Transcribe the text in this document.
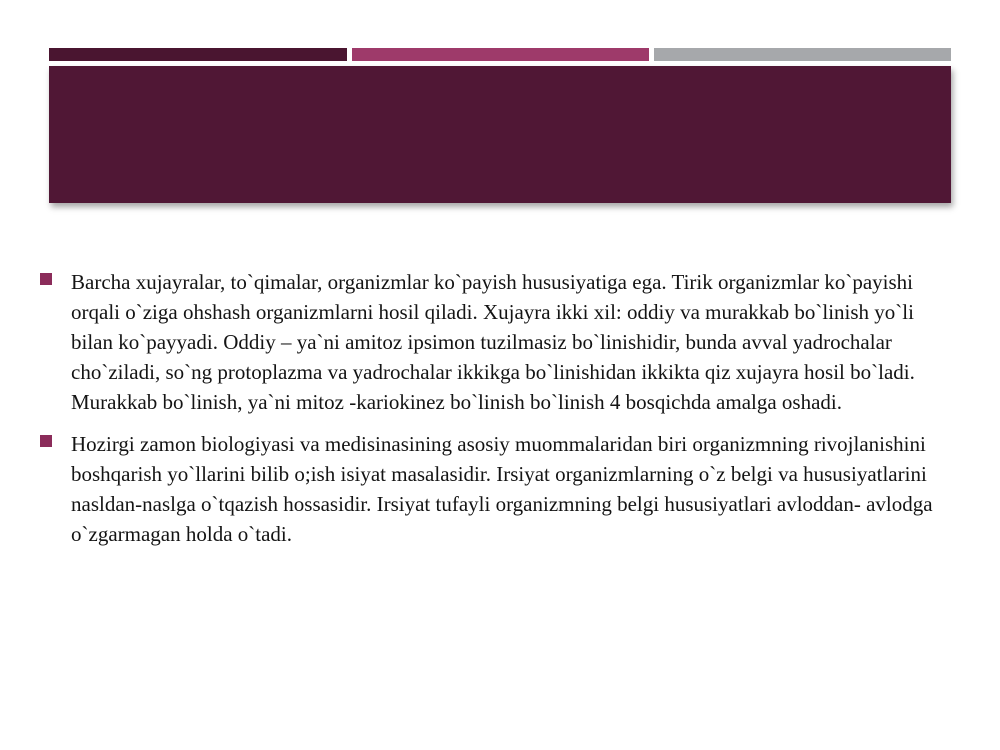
Barcha xujayralar, to`qimalar, organizmlar ko`payish hususiyatiga ega. Tirik organizmlar ko`payishi orqali o`ziga ohshash organizmlarni hosil qiladi. Xujayra ikki xil: oddiy va murakkab bo`linish yo`li bilan ko`payyadi. Oddiy – ya`ni amitoz ipsimon tuzilmasiz bo`linishidir, bunda avval yadrochalar cho`ziladi, so`ng protoplazma va yadrochalar ikkikga bo`linishidan ikkikta qiz xujayra hosil bo`ladi. Murakkab bo`linish, ya`ni mitoz -kariokinez bo`linish bo`linish 4 bosqichda amalga oshadi.
Hozirgi zamon biologiyasi va medisinasining asosiy muommalaridan biri organizmning rivojlanishini boshqarish yo`llarini bilib o;ish isiyat masalasidir. Irsiyat organizmlarning o`z belgi va hususiyatlarini nasldan-naslga o`tqazish hossasidir. Irsiyat tufayli organizmning belgi hususiyatlari avloddan- avlodga o`zgarmagan holda o`tadi.
